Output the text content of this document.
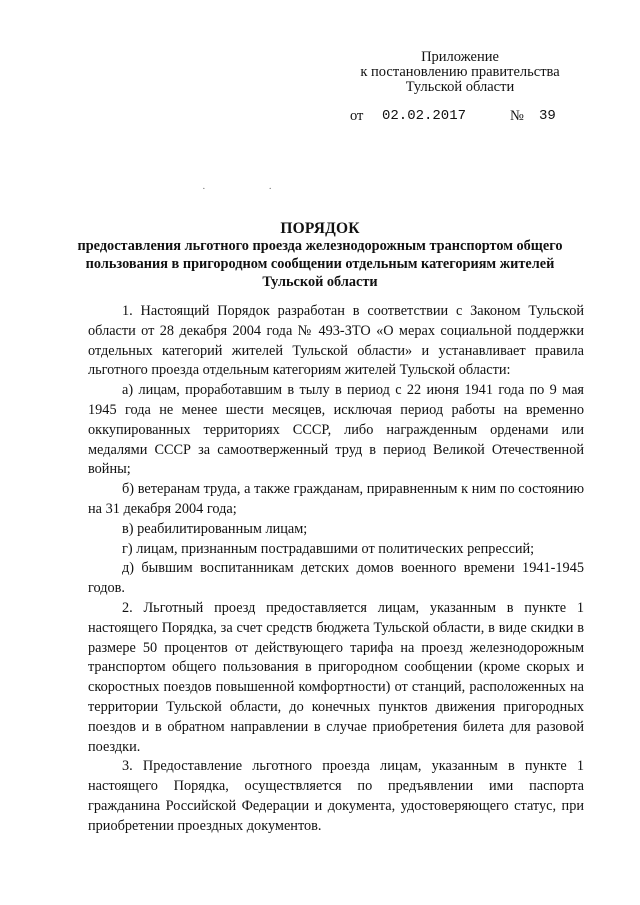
Приложение
к постановлению правительства
Тульской области
от 02.02.2017	№ 39
· ·
ПОРЯДОК
предоставления льготного проезда железнодорожным транспортом общего пользования в пригородном сообщении отдельным категориям жителей Тульской области

1. Настоящий Порядок разработан в соответствии с Законом Тульской области от 28 декабря 2004 года № 493-ЗТО «О мерах социальной поддержки отдельных категорий жителей Тульской области» и устанавливает правила льготного проезда отдельным категориям жителей Тульской области:

а) лицам, проработавшим в тылу в период с 22 июня 1941 года по 9 мая 1945 года не менее шести месяцев, исключая период работы на временно оккупированных территориях СССР, либо награжденным орденами или медалями СССР за самоотверженный труд в период Великой Отечественной войны;

б) ветеранам труда, а также гражданам, приравненным к ним по состоянию на 31 декабря 2004 года;

в) реабилитированным лицам;

г) лицам, признанным пострадавшими от политических репрессий;

д) бывшим воспитанникам детских домов военного времени 1941-1945 годов.

2. Льготный проезд предоставляется лицам, указанным в пункте 1 настоящего Порядка, за счет средств бюджета Тульской области, в виде скидки в размере 50 процентов от действующего тарифа на проезд железнодорожным транспортом общего пользования в пригородном сообщении (кроме скорых и скоростных поездов повышенной комфортности) от станций, расположенных на территории Тульской области, до конечных пунктов движения пригородных поездов и в обратном направлении в случае приобретения билета для разовой поездки.

3. Предоставление льготного проезда лицам, указанным в пункте 1 настоящего Порядка, осуществляется по предъявлении ими паспорта гражданина Российской Федерации и документа, удостоверяющего статус, при приобретении проездных документов.
